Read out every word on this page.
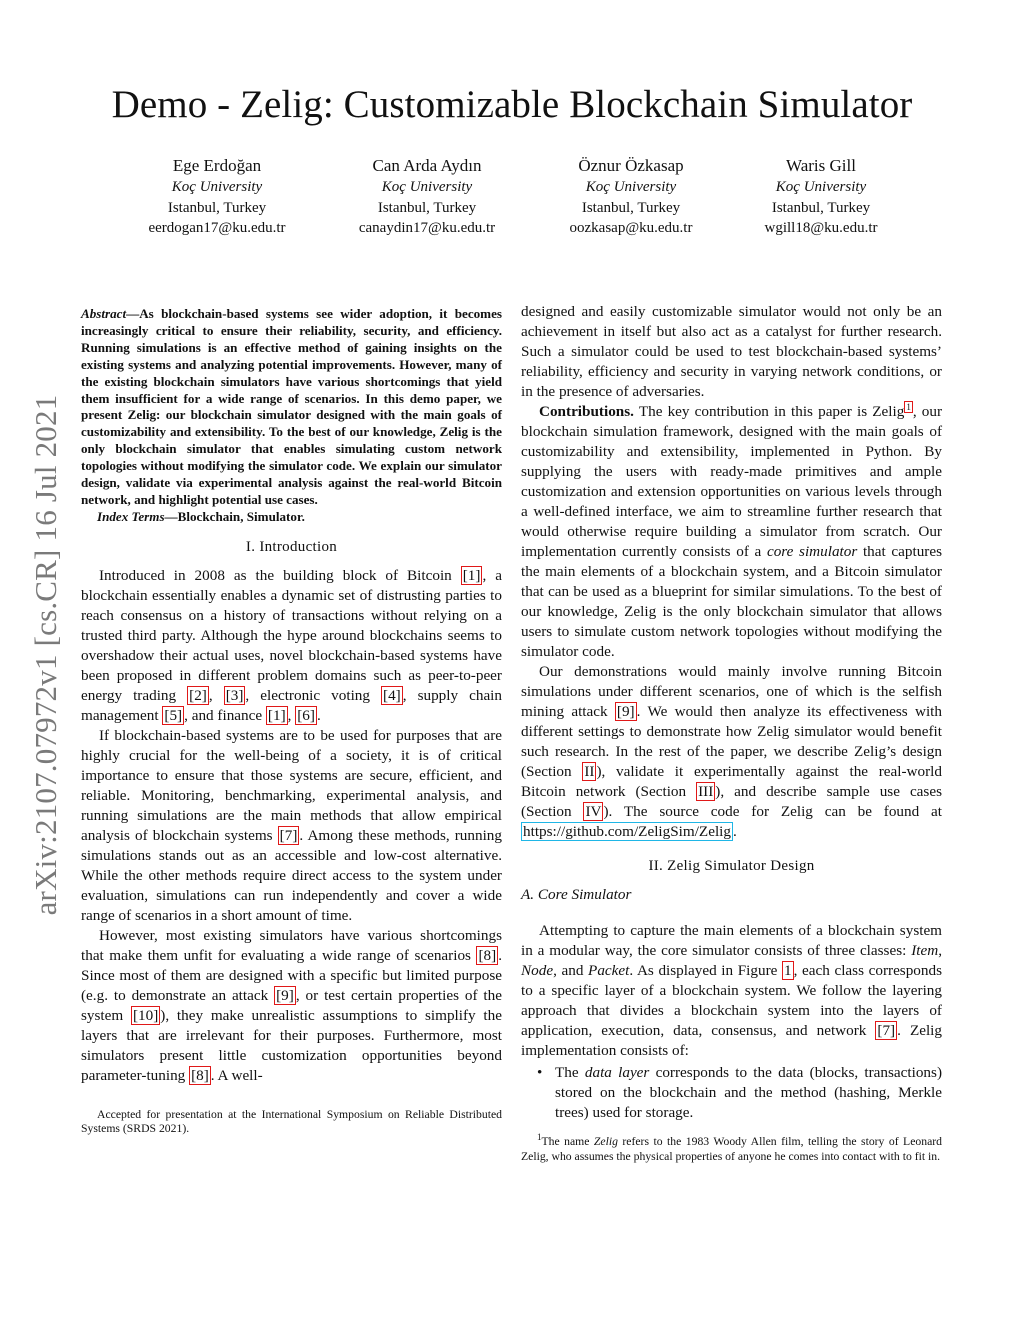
Demo - Zelig: Customizable Blockchain Simulator
Ege Erdoğan
Koç University
Istanbul, Turkey
eerdogan17@ku.edu.tr
Can Arda Aydın
Koç University
Istanbul, Turkey
canaydin17@ku.edu.tr
Öznur Özkasap
Koç University
Istanbul, Turkey
oozkasap@ku.edu.tr
Waris Gill
Koç University
Istanbul, Turkey
wgill18@ku.edu.tr
arXiv:2107.07972v1 [cs.CR] 16 Jul 2021
Abstract—As blockchain-based systems see wider adoption, it becomes increasingly critical to ensure their reliability, security, and efficiency. Running simulations is an effective method of gaining insights on the existing systems and analyzing potential improvements. However, many of the existing blockchain simulators have various shortcomings that yield them insufficient for a wide range of scenarios. In this demo paper, we present Zelig: our blockchain simulator designed with the main goals of customizability and extensibility. To the best of our knowledge, Zelig is the only blockchain simulator that enables simulating custom network topologies without modifying the simulator code. We explain our simulator design, validate via experimental analysis against the real-world Bitcoin network, and highlight potential use cases.
Index Terms—Blockchain, Simulator.
I. Introduction
Introduced in 2008 as the building block of Bitcoin [1] , a blockchain essentially enables a dynamic set of distrusting parties to reach consensus on a history of transactions without relying on a trusted third party. Although the hype around blockchains seems to overshadow their actual uses, novel blockchain-based systems have been proposed in different problem domains such as peer-to-peer energy trading [2] , [3] , electronic voting [4] , supply chain management [5] , and finance [1] , [6] .
If blockchain-based systems are to be used for purposes that are highly crucial for the well-being of a society, it is of critical importance to ensure that those systems are secure, efficient, and reliable. Monitoring, benchmarking, experimental analysis, and running simulations are the main methods that allow empirical analysis of blockchain systems [7] . Among these methods, running simulations stands out as an accessible and low-cost alternative. While the other methods require direct access to the system under evaluation, simulations can run independently and cover a wide range of scenarios in a short amount of time.
However, most existing simulators have various shortcomings that make them unfit for evaluating a wide range of scenarios [8] . Since most of them are designed with a specific but limited purpose (e.g. to demonstrate an attack [9] , or test certain properties of the system [10] ), they make unrealistic assumptions to simplify the layers that are irrelevant for their purposes. Furthermore, most simulators present little customization opportunities beyond parameter-tuning [8] . A well-
Accepted for presentation at the International Symposium on Reliable Distributed Systems (SRDS 2021).
designed and easily customizable simulator would not only be an achievement in itself but also act as a catalyst for further research. Such a simulator could be used to test blockchain-based systems’ reliability, efficiency and security in varying network conditions, or in the presence of adversaries.
Contributions. The key contribution in this paper is Zelig $^1$ , our blockchain simulation framework, designed with the main goals of customizability and extensibility, implemented in Python. By supplying the users with ready-made primitives and ample customization and extension opportunities on various levels through a well-defined interface, we aim to streamline further research that would otherwise require building a simulator from scratch. Our implementation currently consists of a core simulator that captures the main elements of a blockchain system, and a Bitcoin simulator that can be used as a blueprint for similar simulations. To the best of our knowledge, Zelig is the only blockchain simulator that allows users to simulate custom network topologies without modifying the simulator code.
Our demonstrations would mainly involve running Bitcoin simulations under different scenarios, one of which is the selfish mining attack [9] . We would then analyze its effectiveness with different settings to demonstrate how Zelig simulator would benefit such research. In the rest of the paper, we describe Zelig’s design (Section II ), validate it experimentally against the real-world Bitcoin network (Section III ), and describe sample use cases (Section IV ). The source code for Zelig can be found at https://github.com/ZeligSim/Zelig .
II. Zelig Simulator Design
A. Core Simulator
Attempting to capture the main elements of a blockchain system in a modular way, the core simulator consists of three classes: Item, Node, and Packet. As displayed in Figure 1 , each class corresponds to a specific layer of a blockchain system. We follow the layering approach that divides a blockchain system into the layers of application, execution, data, consensus, and network [7] . Zelig implementation consists of:
• The data layer corresponds to the data (blocks, transactions) stored on the blockchain and the method (hashing, Merkle trees) used for storage.
$^1$The name Zelig refers to the 1983 Woody Allen film, telling the story of Leonard Zelig, who assumes the physical properties of anyone he comes into contact with to fit in.
